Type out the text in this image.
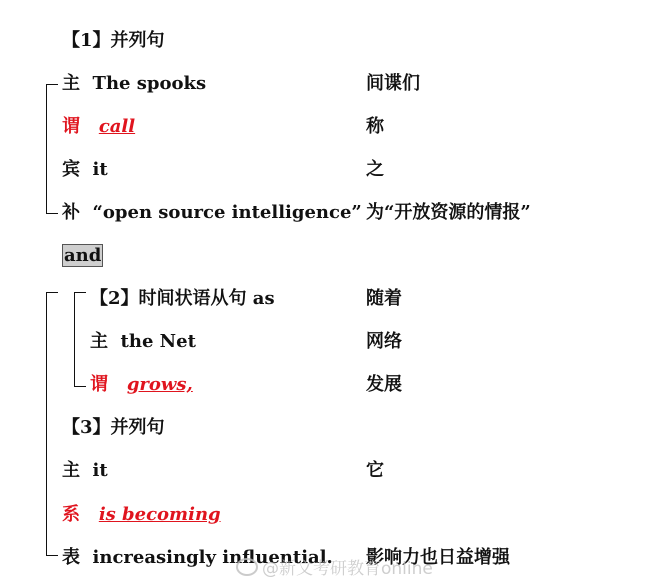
【1】并列句
主 The spooks	间谍们
谓 call	称
宾 it	之
补 “open source intelligence” 为“开放资源的情报”
and
【2】时间状语从句 as	随着
主 the Net	网络
谓 grows,	发展
【3】并列句
主 it	它
系 is becoming
表 increasingly influential. 影响力也日益增强
@新文考研教育online
